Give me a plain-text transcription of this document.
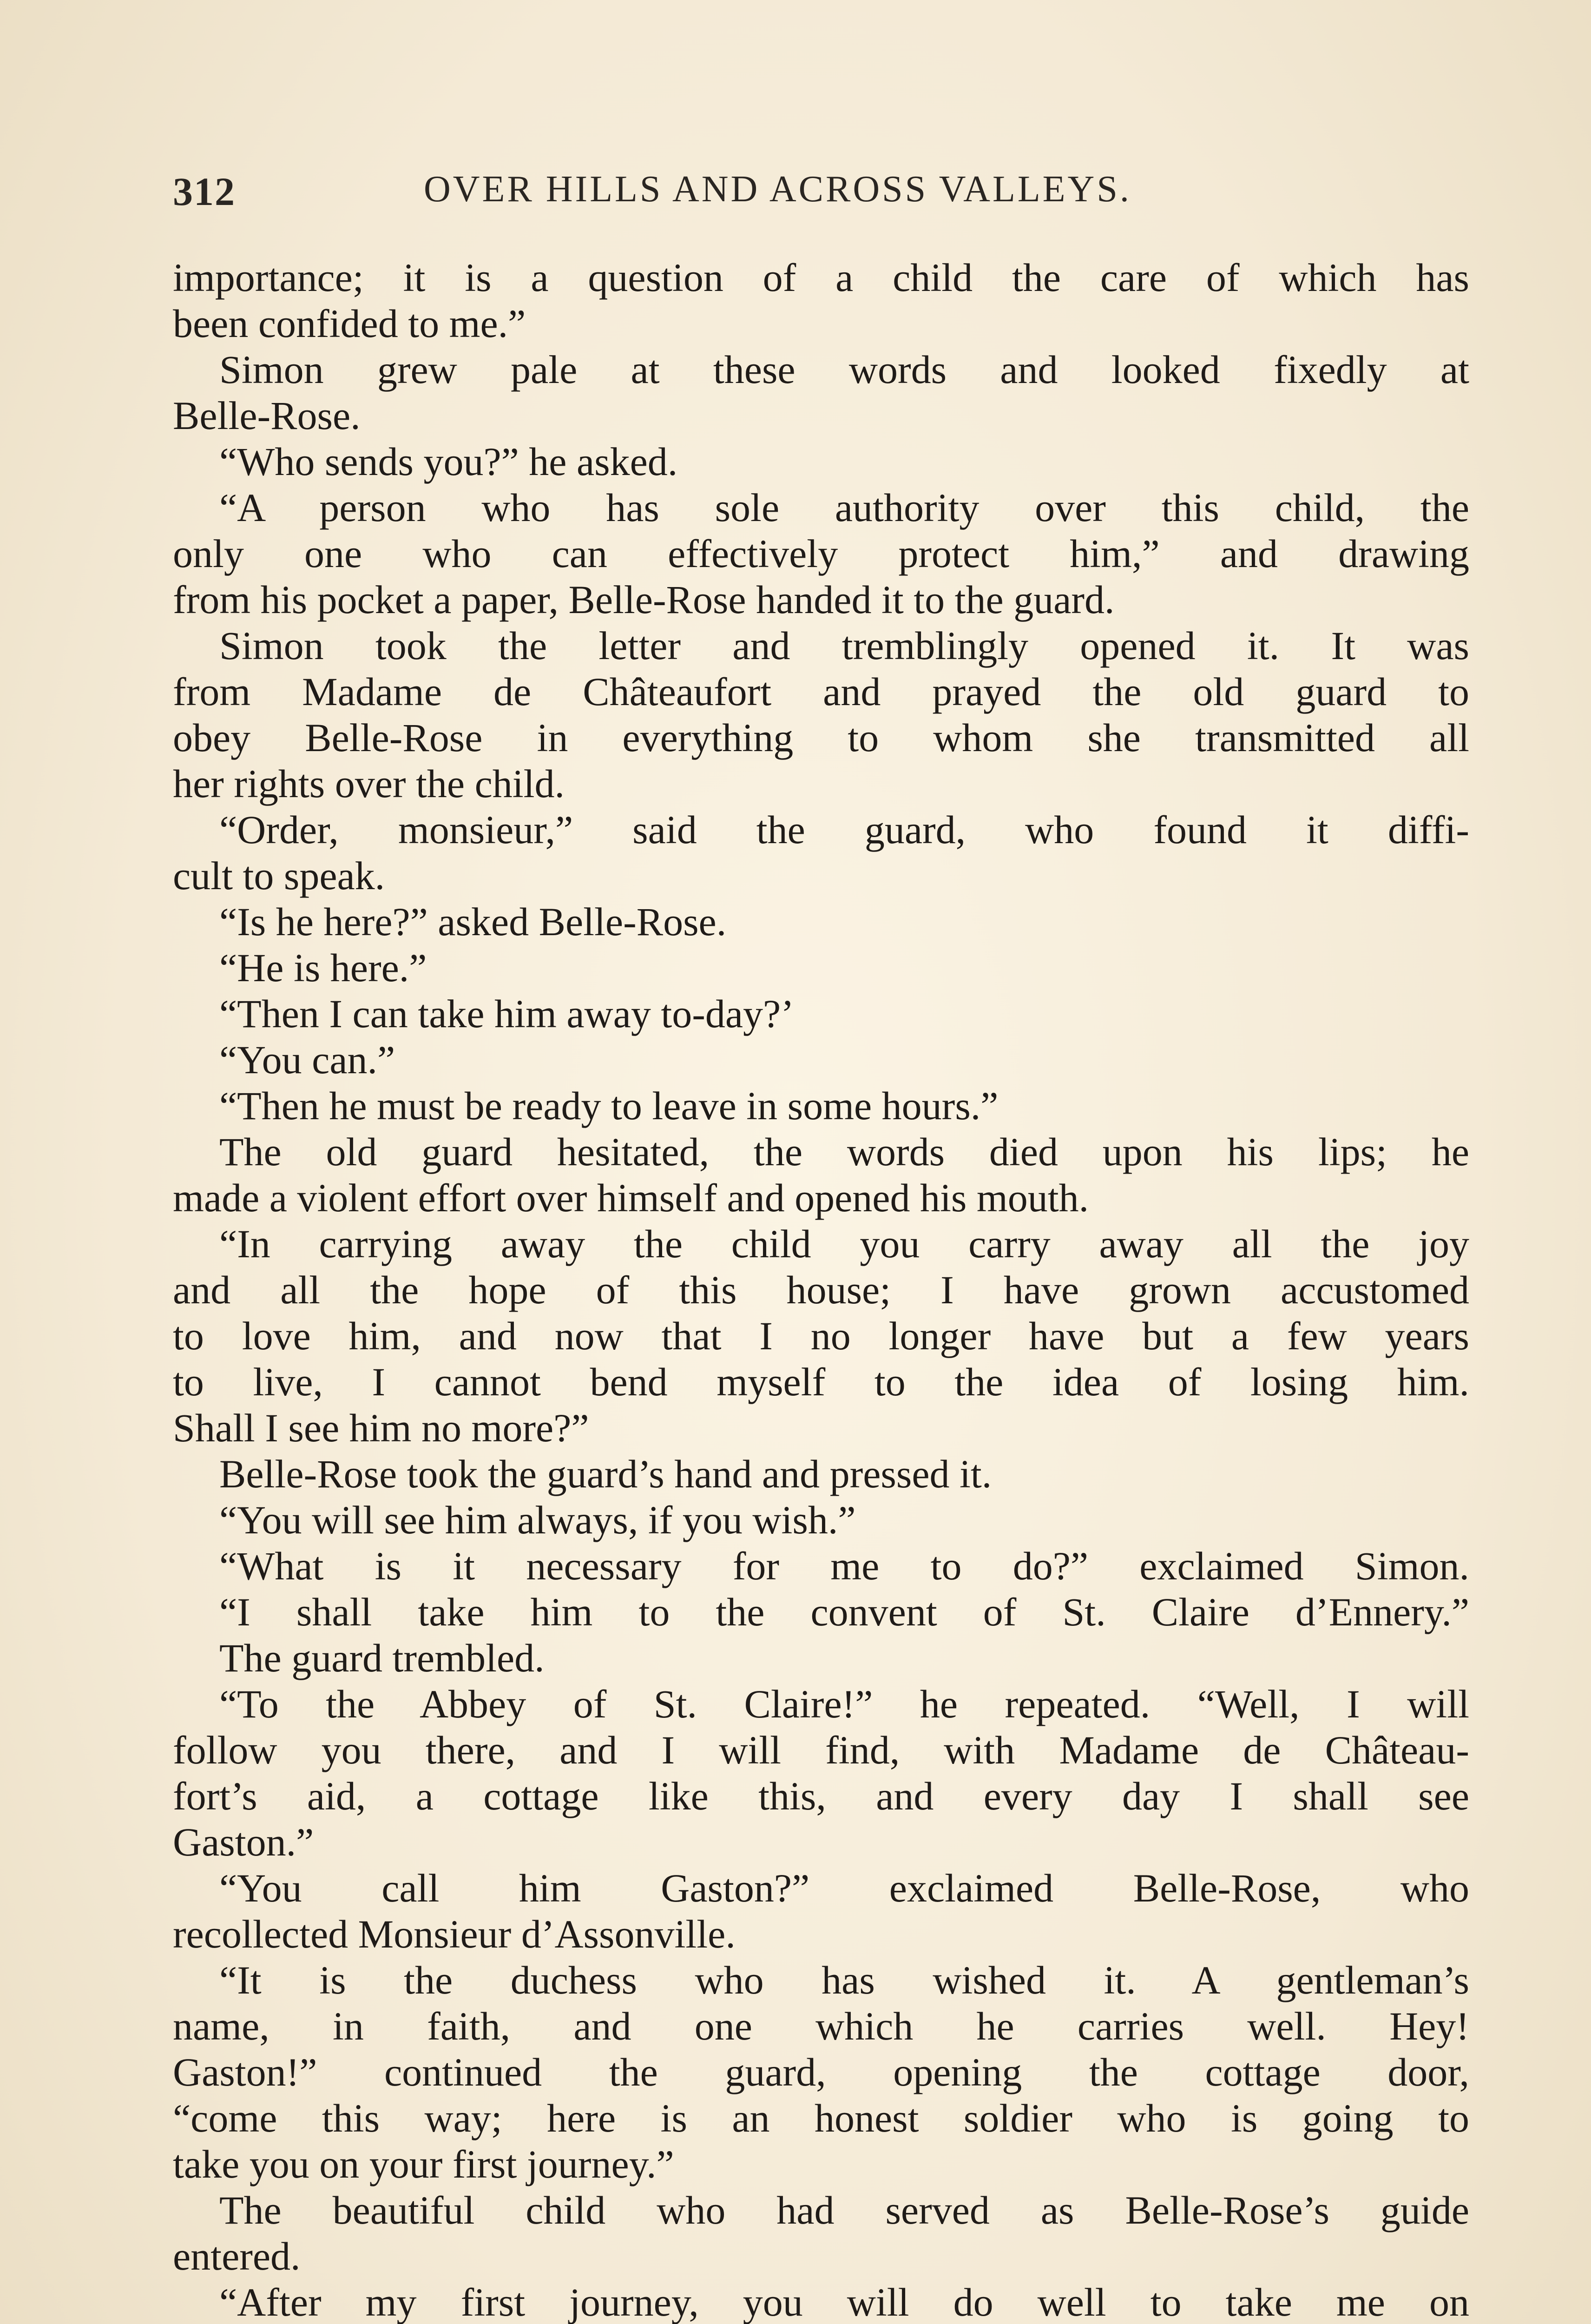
312	OVER HILLS AND ACROSS VALLEYS.
importance; it is a question of a child the care of which has
been confided to me.”
Simon grew pale at these words and looked fixedly at
Belle-Rose.
“Who sends you?” he asked.
“A person who has sole authority over this child, the
only one who can effectively protect him,” and drawing
from his pocket a paper, Belle-Rose handed it to the guard.
Simon took the letter and tremblingly opened it. It was
from Madame de Châteaufort and prayed the old guard to
obey Belle-Rose in everything to whom she transmitted all
her rights over the child.
“Order, monsieur,” said the guard, who found it diffi-
cult to speak.
“Is he here?” asked Belle-Rose.
“He is here.”
“Then I can take him away to-day?’
“You can.”
“Then he must be ready to leave in some hours.”
The old guard hesitated, the words died upon his lips; he
made a violent effort over himself and opened his mouth.
“In carrying away the child you carry away all the joy
and all the hope of this house; I have grown accustomed
to love him, and now that I no longer have but a few years
to live, I cannot bend myself to the idea of losing him.
Shall I see him no more?”
Belle-Rose took the guard’s hand and pressed it.
“You will see him always, if you wish.”
“What is it necessary for me to do?” exclaimed Simon.
“I shall take him to the convent of St. Claire d’Ennery.”
The guard trembled.
“To the Abbey of St. Claire!” he repeated. “Well, I will
follow you there, and I will find, with Madame de Château-
fort’s aid, a cottage like this, and every day I shall see
Gaston.”
“You call him Gaston?” exclaimed Belle-Rose, who
recollected Monsieur d’Assonville.
“It is the duchess who has wished it. A gentleman’s
name, in faith, and one which he carries well. Hey!
Gaston!” continued the guard, opening the cottage door,
“come this way; here is an honest soldier who is going to
take you on your first journey.”
The beautiful child who had served as Belle-Rose’s guide
entered.
“After my first journey, you will do well to take me on
